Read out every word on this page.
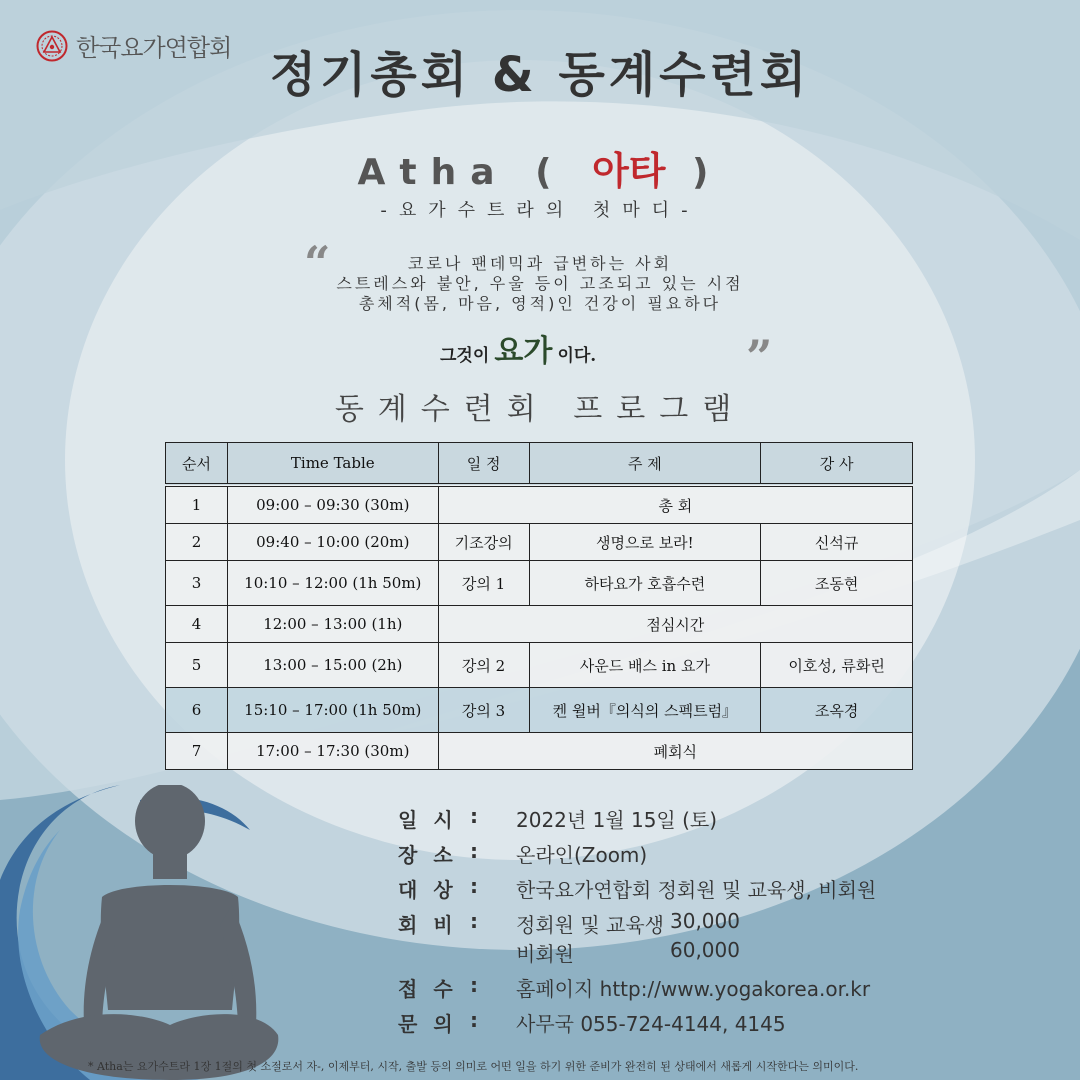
한국요가연합회 정기총회 & 동계수련회
Atha ( 아타 )
-요가수트라의 첫마디-
“	코로나 팬데믹과 급변하는 사회
스트레스와 불안, 우울 등이 고조되고 있는 시점
총체적(몸, 마음, 영적)인 건강이 필요하다
그것이 요가 이다.	”
동계수련회 프로그램
순서	Time Table	일 정	주 제	강 사
1	09:00 – 09:30 (30m)	총 회		
2	09:40 – 10:00 (20m)	기조강의	생명으로 보라!	신석규
3	10:10 – 12:00 (1h 50m)	강의 1	하타요가 호흡수련	조동현
4	12:00 – 13:00 (1h)	점심시간		
5	13:00 – 15:00 (2h)	강의 2	사운드 배스 in 요가	이호성, 류화린
6	15:10 – 17:00 (1h 50m)	강의 3	켄 윌버『의식의 스펙트럼』	조옥경
7	17:00 – 17:30 (30m)	폐회식		
일시 :	2022년 1월 15일 (토)
장소 :	온라인(Zoom)
대상 :	한국요가연합회 정회원 및 교육생, 비회원
회비 :	정회원 및 교육생 30,000
비회원	60,000
접수 :	홈페이지 http://www.yogakorea.or.kr
문의 :	사무국 055-724-4144, 4145
* Atha는 요가수트라 1장 1절의 첫 소절로서 자-, 이제부터, 시작, 출발 등의 의미로 어떤 일을 하기 위한 준비가 완전히 된 상태에서 새롭게 시작한다는 의미이다.
